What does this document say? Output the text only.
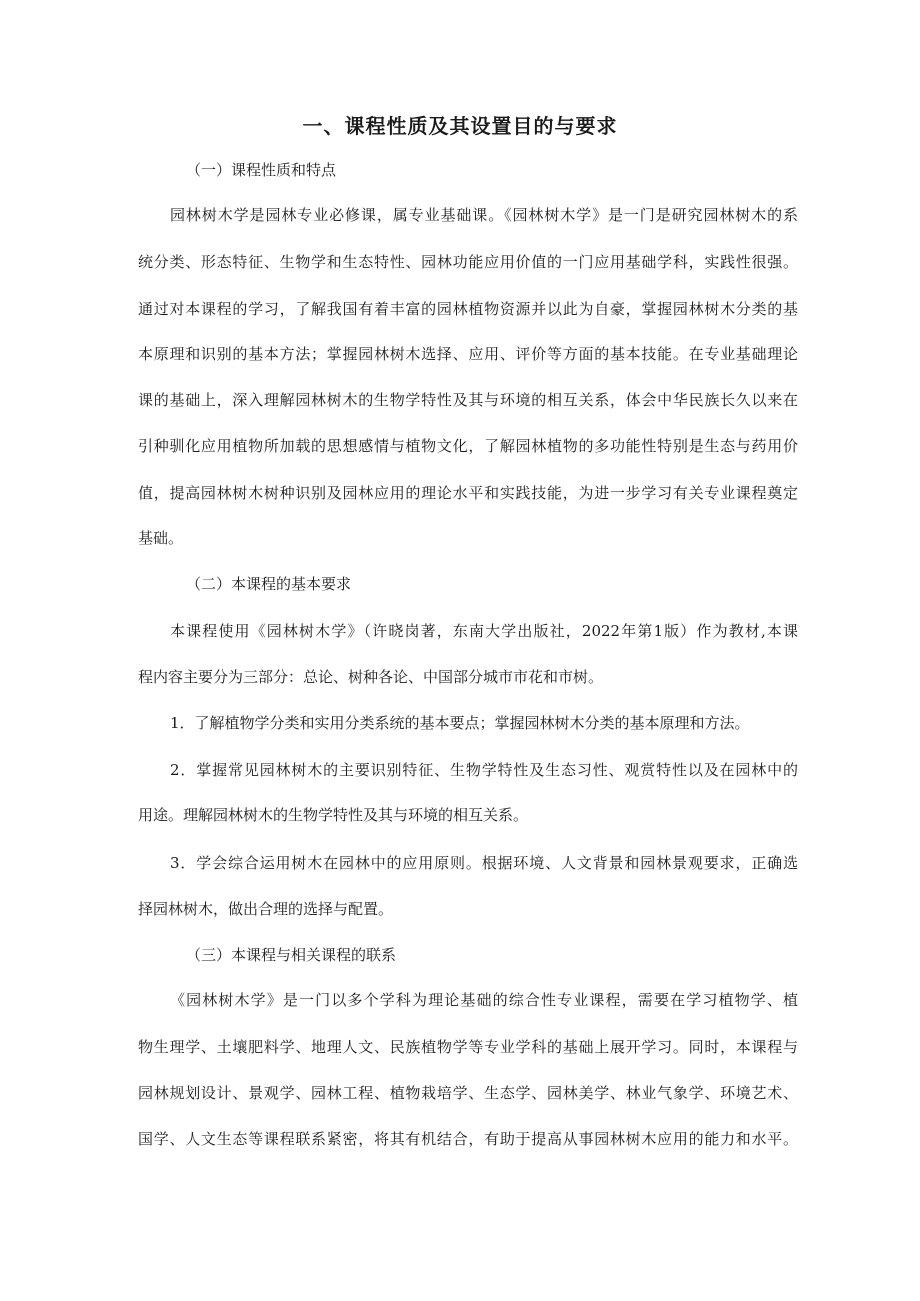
一、课程性质及其设置目的与要求
（一）课程性质和特点
园林树木学是园林专业必修课，属专业基础课。《园林树木学》是一门是研究园林树木的系
统分类、形态特征、生物学和生态特性、园林功能应用价值的一门应用基础学科，实践性很强。
通过对本课程的学习，了解我国有着丰富的园林植物资源并以此为自豪，掌握园林树木分类的基
本原理和识别的基本方法；掌握园林树木选择、应用、评价等方面的基本技能。在专业基础理论
课的基础上，深入理解园林树木的生物学特性及其与环境的相互关系，体会中华民族长久以来在
引种驯化应用植物所加载的思想感情与植物文化，了解园林植物的多功能性特别是生态与药用价
值，提高园林树木树种识别及园林应用的理论水平和实践技能，为进一步学习有关专业课程奠定
基础。
（二）本课程的基本要求
本课程使用《园林树木学》（许晓岗著，东南大学出版社，2022年第1版）作为教材,本课
程内容主要分为三部分：总论、树种各论、中国部分城市市花和市树。
1．了解植物学分类和实用分类系统的基本要点；掌握园林树木分类的基本原理和方法。
2．掌握常见园林树木的主要识别特征、生物学特性及生态习性、观赏特性以及在园林中的
用途。理解园林树木的生物学特性及其与环境的相互关系。
3．学会综合运用树木在园林中的应用原则。根据环境、人文背景和园林景观要求，正确选
择园林树木，做出合理的选择与配置。
（三）本课程与相关课程的联系
《园林树木学》是一门以多个学科为理论基础的综合性专业课程，需要在学习植物学、植
物生理学、土壤肥料学、地理人文、民族植物学等专业学科的基础上展开学习。同时，本课程与
园林规划设计、景观学、园林工程、植物栽培学、生态学、园林美学、林业气象学、环境艺术、
国学、人文生态等课程联系紧密，将其有机结合，有助于提高从事园林树木应用的能力和水平。
